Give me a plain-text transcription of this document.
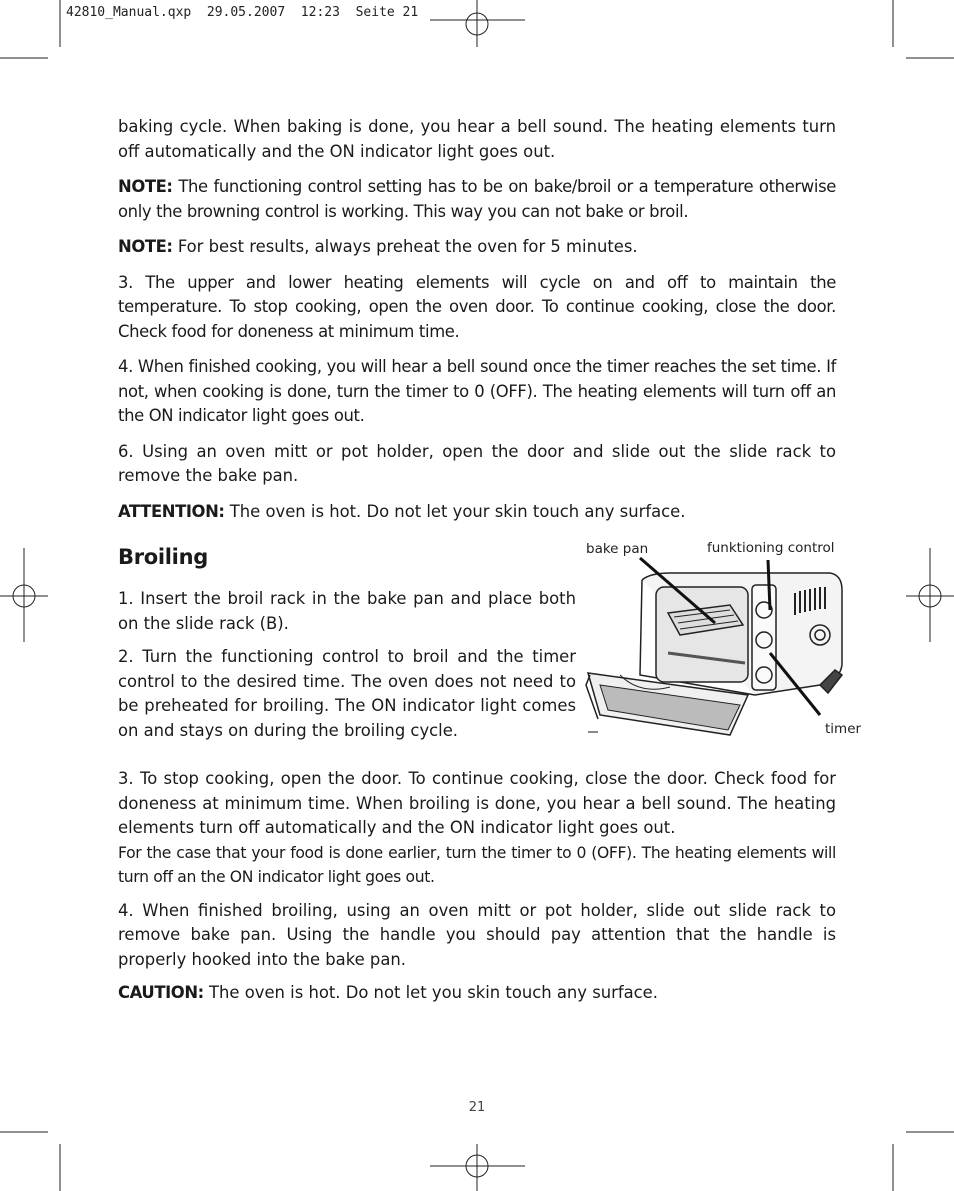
42810_Manual.qxp  29.05.2007  12:23  Seite 21

baking cycle. When baking is done, you hear a bell sound. The heating elements turn off automatically and the ON indicator light goes out.

NOTE: The functioning control setting has to be on bake/broil or a temperature otherwise only the browning control is working. This way you can not bake or broil.

NOTE: For best results, always preheat the oven for 5 minutes.

3. The upper and lower heating elements will cycle on and off to maintain the temperature. To stop cooking, open the oven door. To continue cooking, close the door. Check food for doneness at minimum time.

4. When finished cooking, you will hear a bell sound once the timer reaches the set time. If not, when cooking is done, turn the timer to 0 (OFF). The heating elements will turn off an the ON indicator light goes out.

6. Using an oven mitt or pot holder, open the door and slide out the slide rack to remove the bake pan.

ATTENTION: The oven is hot. Do not let your skin touch any surface.

Broiling

1. Insert the broil rack in the bake pan and place both on the slide rack (B).

2. Turn the functioning control to broil and the timer control to the desired time. The oven does not need to be preheated for broiling. The ON indicator light comes on and stays on during the broiling cycle.

bake pan	funktioning control
timer

3. To stop cooking, open the door. To continue cooking, close the door. Check food for doneness at minimum time. When broiling is done, you hear a bell sound. The heating elements turn off automatically and the ON indicator light goes out.

For the case that your food is done earlier, turn the timer to 0 (OFF). The heating elements will turn off an the ON indicator light goes out.

4. When finished broiling, using an oven mitt or pot holder, slide out slide rack to remove bake pan. Using the handle you should pay attention that the handle is properly hooked into the bake pan.

CAUTION: The oven is hot. Do not let you skin touch any surface.

21
